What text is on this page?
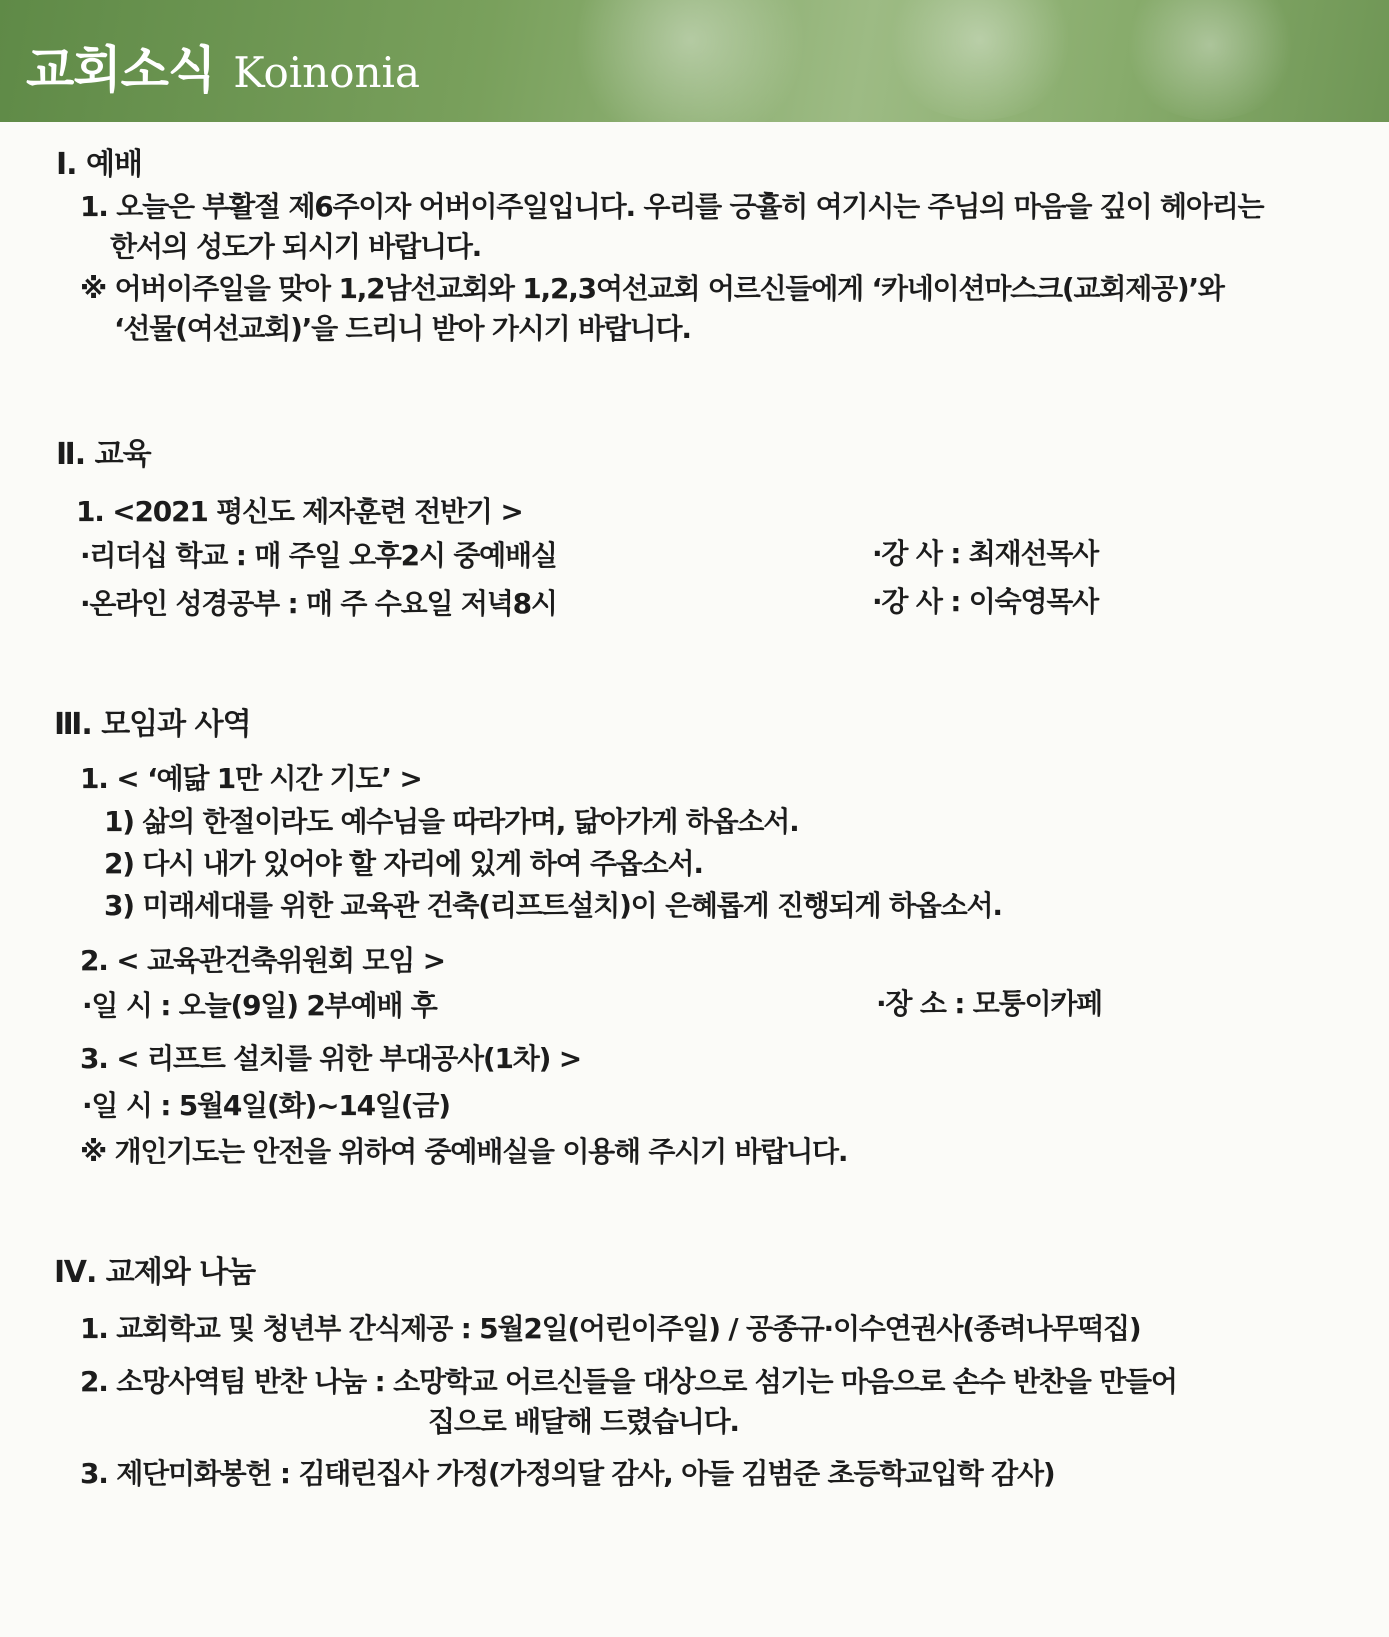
교회소식 Koinonia
Ⅰ. 예배
1. 오늘은 부활절 제6주이자 어버이주일입니다. 우리를 긍휼히 여기시는 주님의 마음을 깊이 헤아리는
한서의 성도가 되시기 바랍니다.
※ 어버이주일을 맞아 1,2남선교회와 1,2,3여선교회 어르신들에게 ‘카네이션마스크(교회제공)’와
‘선물(여선교회)’을 드리니 받아 가시기 바랍니다.
Ⅱ. 교육
1. <2021 평신도 제자훈련 전반기 >
·리더십 학교 : 매 주일 오후2시 중예배실	·강 사 : 최재선목사
·온라인 성경공부 : 매 주 수요일 저녁8시	·강 사 : 이숙영목사
Ⅲ. 모임과 사역
1. < ‘예닮 1만 시간 기도’ >
1) 삶의 한절이라도 예수님을 따라가며, 닮아가게 하옵소서.
2) 다시 내가 있어야 할 자리에 있게 하여 주옵소서.
3) 미래세대를 위한 교육관 건축(리프트설치)이 은혜롭게 진행되게 하옵소서.
2. < 교육관건축위원회 모임 >
·일 시 : 오늘(9일) 2부예배 후	·장 소 : 모퉁이카페
3. < 리프트 설치를 위한 부대공사(1차) >
·일 시 : 5월4일(화)~14일(금)
※ 개인기도는 안전을 위하여 중예배실을 이용해 주시기 바랍니다.
Ⅳ. 교제와 나눔
1. 교회학교 및 청년부 간식제공 : 5월2일(어린이주일) / 공종규·이수연권사(종려나무떡집)
2. 소망사역팀 반찬 나눔 : 소망학교 어르신들을 대상으로 섬기는 마음으로 손수 반찬을 만들어
집으로 배달해 드렸습니다.
3. 제단미화봉헌 : 김태린집사 가정(가정의달 감사, 아들 김범준 초등학교입학 감사)
